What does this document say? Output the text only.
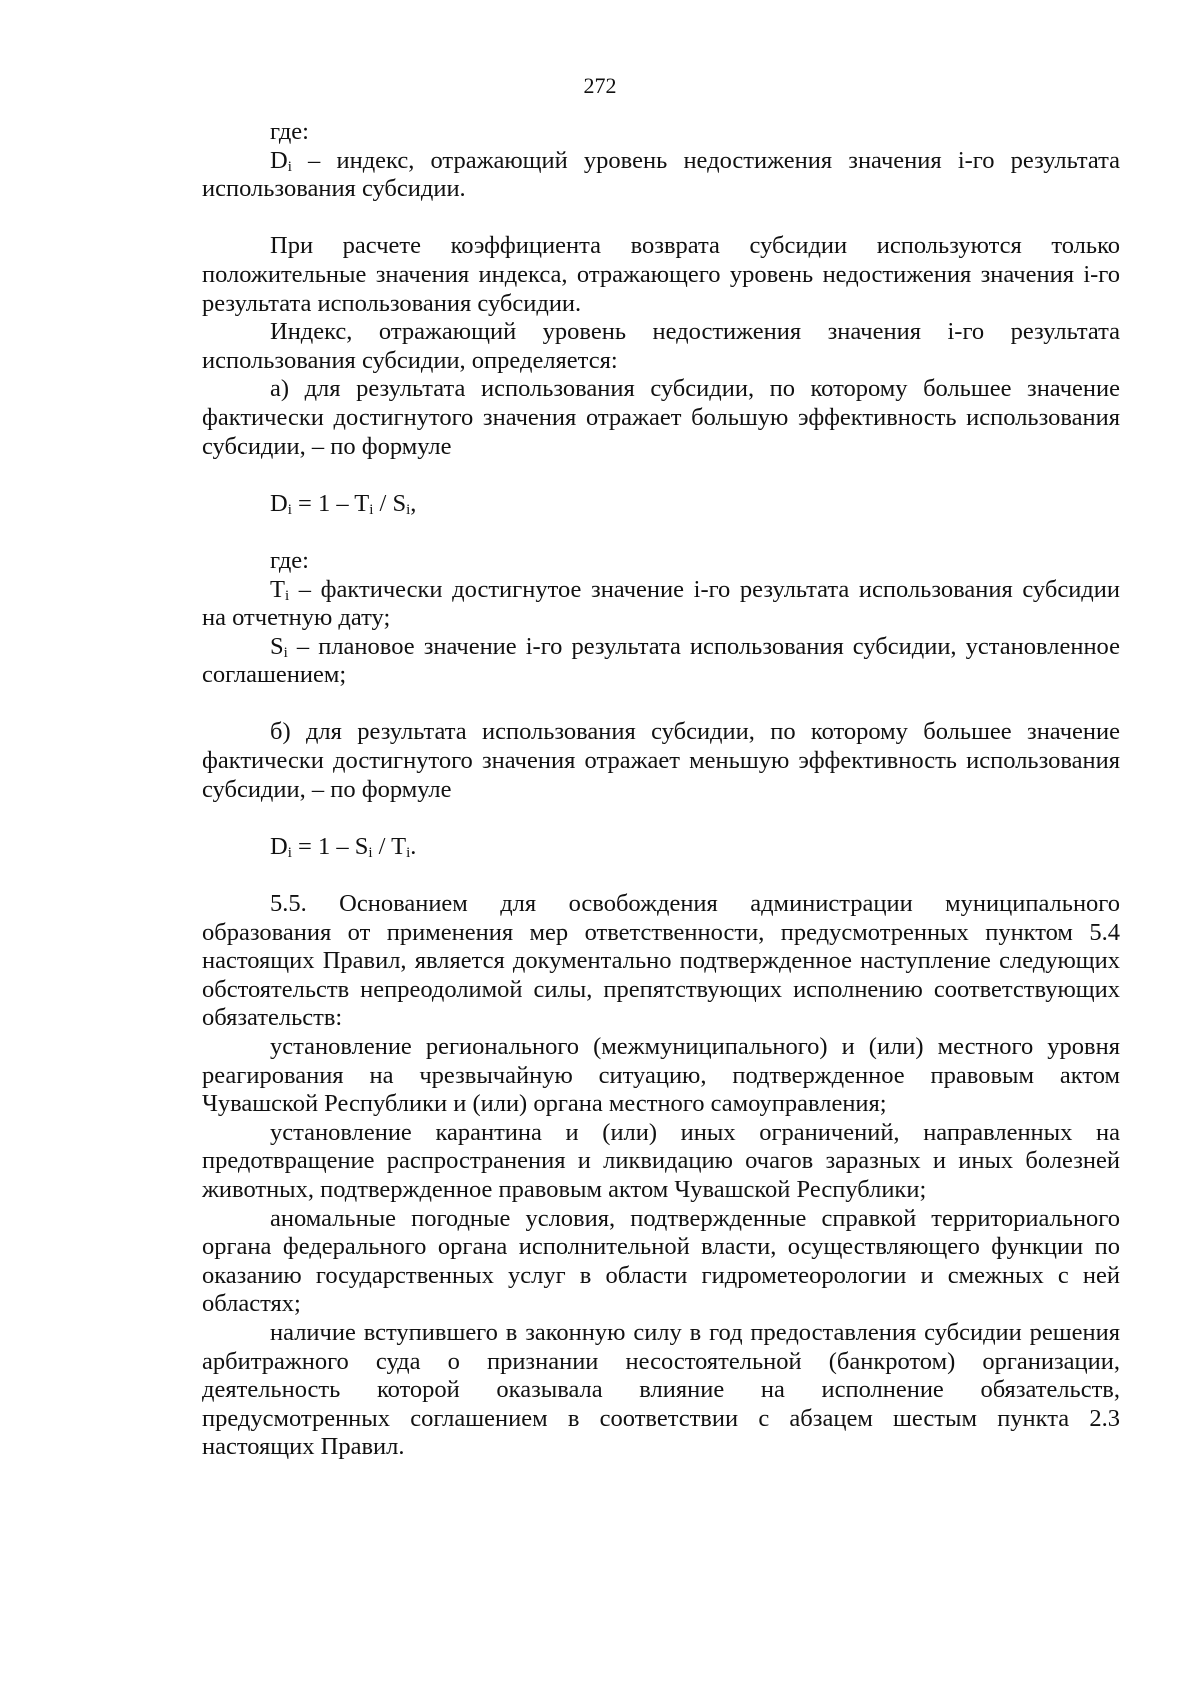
272

где:

$D_i$ – индекс, отражающий уровень недостижения значения i-го результата использования субсидии.

При расчете коэффициента возврата субсидии используются только положительные значения индекса, отражающего уровень недостижения значения i-го результата использования субсидии.

Индекс, отражающий уровень недостижения значения i-го результата использования субсидии, определяется:

а) для результата использования субсидии, по которому большее значение фактически достигнутого значения отражает большую эффективность использования субсидии, – по формуле

$D_i = 1 - T_i / S_i$,

где:

$T_i$ – фактически достигнутое значение i-го результата использования субсидии на отчетную дату;

$S_i$ – плановое значение i-го результата использования субсидии, установленное соглашением;

б) для результата использования субсидии, по которому большее значение фактически достигнутого значения отражает меньшую эффективность использования субсидии, – по формуле

$D_i = 1 - S_i / T_i$.

5.5. Основанием для освобождения администрации муниципального образования от применения мер ответственности, предусмотренных пунктом 5.4 настоящих Правил, является документально подтвержденное наступление следующих обстоятельств непреодолимой силы, препятствующих исполнению соответствующих обязательств:

установление регионального (межмуниципального) и (или) местного уровня реагирования на чрезвычайную ситуацию, подтвержденное правовым актом Чувашской Республики и (или) органа местного самоуправления;

установление карантина и (или) иных ограничений, направленных на предотвращение распространения и ликвидацию очагов заразных и иных болезней животных, подтвержденное правовым актом Чувашской Республики;

аномальные погодные условия, подтвержденные справкой территориального органа федерального органа исполнительной власти, осуществляющего функции по оказанию государственных услуг в области гидрометеорологии и смежных с ней областях;

наличие вступившего в законную силу в год предоставления субсидии решения арбитражного суда о признании несостоятельной (банкротом) организации, деятельность которой оказывала влияние на исполнение обязательств, предусмотренных соглашением в соответствии с абзацем шестым пункта 2.3 настоящих Правил.
